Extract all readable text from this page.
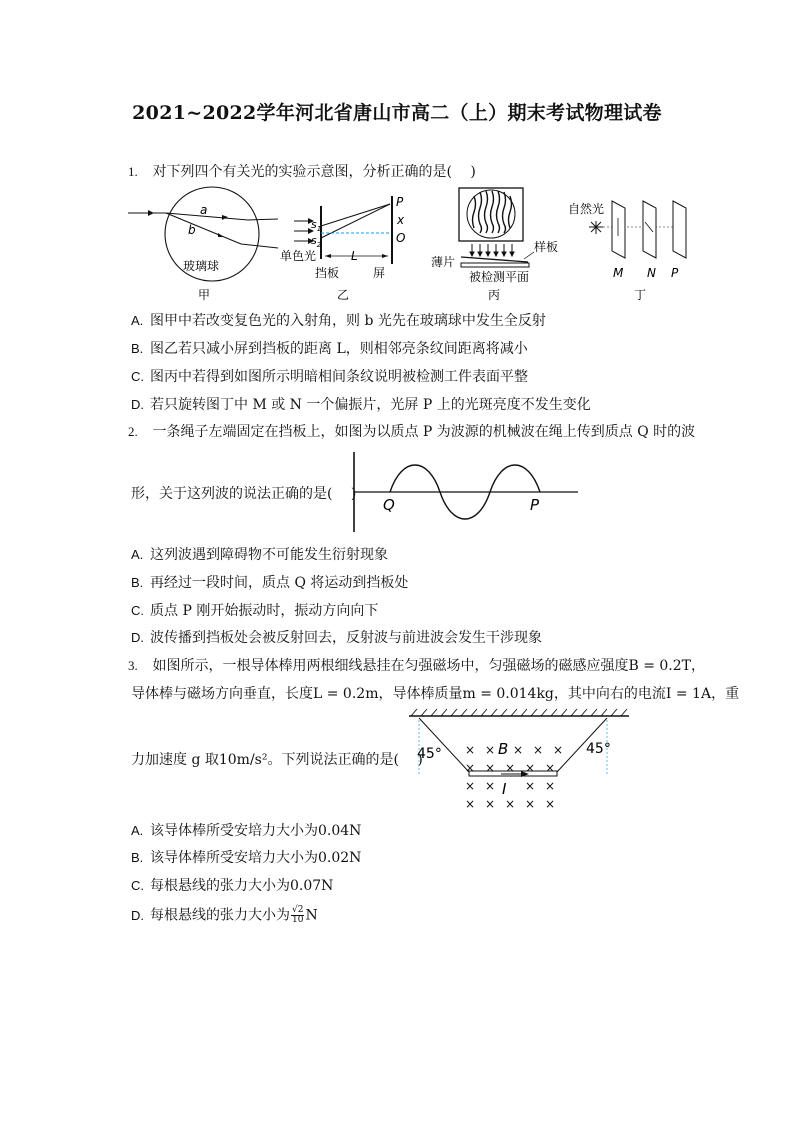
2021~2022学年河北省唐山市高二（上）期末考试物理试卷
1. 对下列四个有关光的实验示意图，分析正确的是(　 )
a
b
玻璃球
甲
$s_1$
$s_2$
P
x
O
L
单色光
挡板	屏
乙
样板
薄片
被检测平面
丙
自然光
M N P
丁
A. 图甲中若改变复色光的入射角，则 b 光先在玻璃球中发生全反射
B. 图乙若只减小屏到挡板的距离 L，则相邻亮条纹间距离将减小
C. 图丙中若得到如图所示明暗相间条纹说明被检测工件表面平整
D. 若只旋转图丁中 M 或 N 一个偏振片，光屏 P 上的光斑亮度不发生变化
2. 一条绳子左端固定在挡板上，如图为以质点 P 为波源的机械波在绳上传到质点 Q 时的波
形，关于这列波的说法正确的是(　 )
Q	P
A. 这列波遇到障碍物不可能发生衍射现象
B. 再经过一段时间，质点 Q 将运动到挡板处
C. 质点 P 刚开始振动时，振动方向向下
D. 波传播到挡板处会被反射回去，反射波与前进波会发生干涉现象
3. 如图所示，一根导体棒用两根细线悬挂在匀强磁场中，匀强磁场的磁感应强度B = 0.2T，
导体棒与磁场方向垂直，长度L = 0.2m，导体棒质量m = 0.014kg，其中向右的电流I = 1A，重
力加速度 g 取10m/s²。下列说法正确的是(　 )
45°	45°
× × × × ×
× × × × ×
× × × ×
× × × × ×
B
I
A. 该导体棒所受安培力大小为0.04N
B. 该导体棒所受安培力大小为0.02N
C. 每根悬线的张力大小为0.07N
D. 每根悬线的张力大小为 $\frac{√2}{10}$ N
